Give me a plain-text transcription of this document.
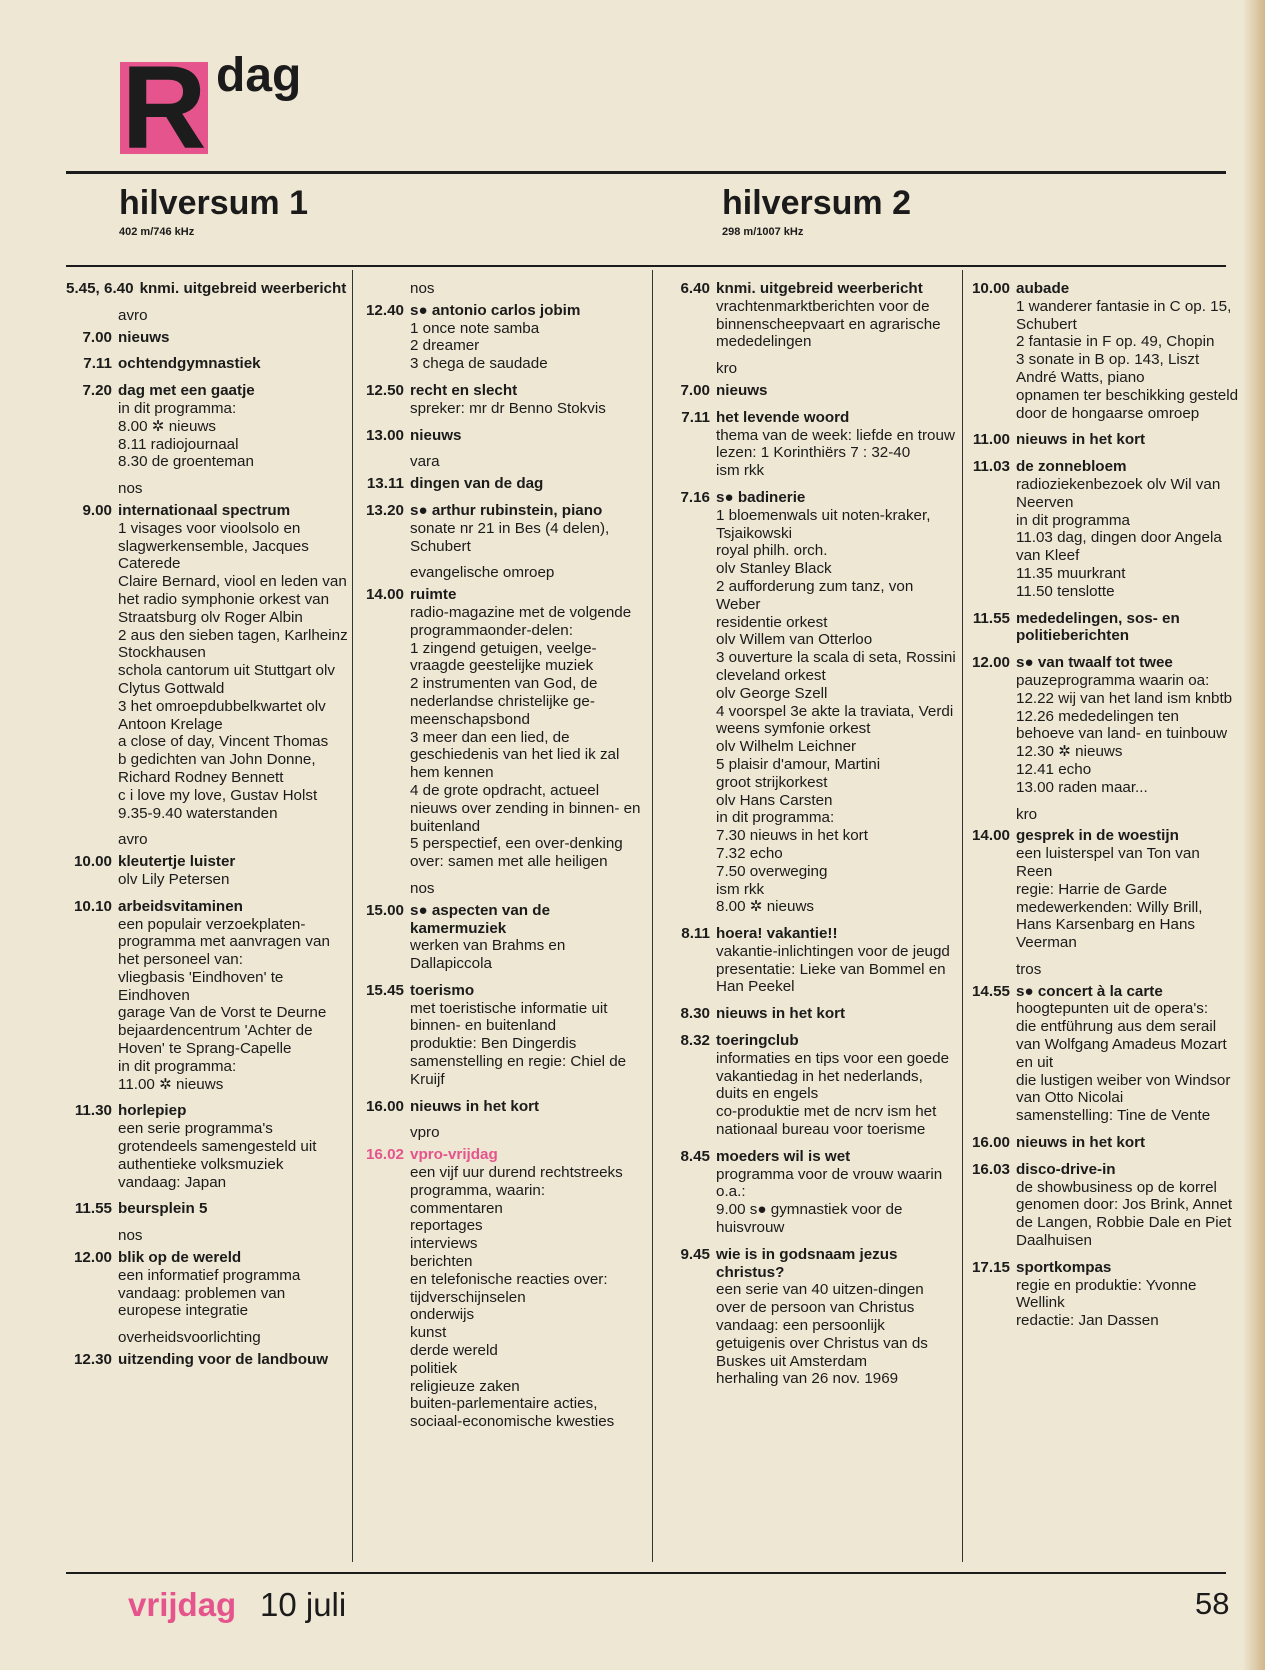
R dag
hilversum 1
402 m/746 kHz
hilversum 2
298 m/1007 kHz
5.45, 6.40 knmi. uitgebreid weerbericht
avro
7.00 nieuws
7.11 ochtendgymnastiek
7.20 dag met een gaatje
in dit programma:
8.00 ✲ nieuws
8.11 radiojournaal
8.30 de groenteman
nos
9.00 internationaal spectrum
1 visages voor vioolsolo en slagwerkensemble, Jacques Caterede
Claire Bernard, viool en leden van het radio symphonie orkest van Straatsburg olv Roger Albin
2 aus den sieben tagen, Karlheinz Stockhausen
schola cantorum uit Stuttgart olv Clytus Gottwald
3 het omroepdubbelkwartet olv Antoon Krelage
a close of day, Vincent Thomas
b gedichten van John Donne, Richard Rodney Bennett
c i love my love, Gustav Holst
9.35-9.40 waterstanden
avro
10.00 kleutertje luister
olv Lily Petersen
10.10 arbeidsvitaminen
een populair verzoekplaten-programma met aanvragen van het personeel van:
vliegbasis 'Eindhoven' te Eindhoven
garage Van de Vorst te Deurne
bejaardencentrum 'Achter de Hoven' te Sprang-Capelle
in dit programma:
11.00 ✲ nieuws
11.30 horlepiep
een serie programma's grotendeels samengesteld uit authentieke volksmuziek
vandaag: Japan
11.55 beursplein 5
nos
12.00 blik op de wereld
een informatief programma
vandaag: problemen van europese integratie
overheidsvoorlichting
12.30 uitzending voor de landbouw
nos
12.40 s● antonio carlos jobim
1 once note samba
2 dreamer
3 chega de saudade
12.50 recht en slecht
spreker: mr dr Benno Stokvis
13.00 nieuws
vara
13.11 dingen van de dag
13.20 s● arthur rubinstein, piano
sonate nr 21 in Bes (4 delen), Schubert
evangelische omroep
14.00 ruimte
radio-magazine met de volgende programmaonder-delen:
1 zingend getuigen, veelge-vraagde geestelijke muziek
2 instrumenten van God, de nederlandse christelijke ge-meenschapsbond
3 meer dan een lied, de geschiedenis van het lied ik zal hem kennen
4 de grote opdracht, actueel nieuws over zending in binnen- en buitenland
5 perspectief, een over-denking over: samen met alle heiligen
nos
15.00 s● aspecten van de kamermuziek
werken van Brahms en Dallapiccola
15.45 toerismo
met toeristische informatie uit binnen- en buitenland
produktie: Ben Dingerdis
samenstelling en regie: Chiel de Kruijf
16.00 nieuws in het kort
vpro
16.02 vpro-vrijdag
een vijf uur durend rechtstreeks programma, waarin:
commentaren
reportages
interviews
berichten
en telefonische reacties over:
tijdverschijnselen
onderwijs
kunst
derde wereld
politiek
religieuze zaken
buiten-parlementaire acties, sociaal-economische kwesties
6.40 knmi. uitgebreid weerbericht
vrachtenmarktberichten voor de binnenscheepvaart en agrarische mededelingen
kro
7.00 nieuws
7.11 het levende woord
thema van de week: liefde en trouw
lezen: 1 Korinthiërs 7 : 32-40
ism rkk
7.16 s● badinerie
1 bloemenwals uit noten-kraker, Tsjaikowski
royal philh. orch.
olv Stanley Black
2 aufforderung zum tanz, von Weber
residentie orkest
olv Willem van Otterloo
3 ouverture la scala di seta, Rossini
cleveland orkest
olv George Szell
4 voorspel 3e akte la traviata, Verdi
weens symfonie orkest
olv Wilhelm Leichner
5 plaisir d'amour, Martini
groot strijkorkest
olv Hans Carsten
in dit programma:
7.30 nieuws in het kort
7.32 echo
7.50 overweging
ism rkk
8.00 ✲ nieuws
8.11 hoera! vakantie!!
vakantie-inlichtingen voor de jeugd
presentatie: Lieke van Bommel en Han Peekel
8.30 nieuws in het kort
8.32 toeringclub
informaties en tips voor een goede vakantiedag in het nederlands, duits en engels
co-produktie met de ncrv ism het nationaal bureau voor toerisme
8.45 moeders wil is wet
programma voor de vrouw waarin o.a.:
9.00 s● gymnastiek voor de huisvrouw
9.45 wie is in godsnaam jezus christus?
een serie van 40 uitzen-dingen over de persoon van Christus
vandaag: een persoonlijk getuigenis over Christus van ds Buskes uit Amsterdam
herhaling van 26 nov. 1969
10.00 aubade
1 wanderer fantasie in C op. 15, Schubert
2 fantasie in F op. 49, Chopin
3 sonate in B op. 143, Liszt
André Watts, piano
opnamen ter beschikking gesteld door de hongaarse omroep
11.00 nieuws in het kort
11.03 de zonnebloem
radioziekenbezoek olv Wil van Neerven
in dit programma
11.03 dag, dingen door Angela van Kleef
11.35 muurkrant
11.50 tenslotte
11.55 mededelingen, sos- en politieberichten
12.00 s● van twaalf tot twee
pauzeprogramma waarin oa:
12.22 wij van het land ism knbtb
12.26 mededelingen ten behoeve van land- en tuinbouw
12.30 ✲ nieuws
12.41 echo
13.00 raden maar...
kro
14.00 gesprek in de woestijn
een luisterspel van Ton van Reen
regie: Harrie de Garde
medewerkenden: Willy Brill, Hans Karsenbarg en Hans Veerman
tros
14.55 s● concert à la carte
hoogtepunten uit de opera's:
die entführung aus dem serail van Wolfgang Amadeus Mozart en uit
die lustigen weiber von Windsor van Otto Nicolai
samenstelling: Tine de Vente
16.00 nieuws in het kort
16.03 disco-drive-in
de showbusiness op de korrel genomen door: Jos Brink, Annet de Langen, Robbie Dale en Piet Daalhuisen
17.15 sportkompas
regie en produktie: Yvonne Wellink
redactie: Jan Dassen
vrijdag 10 juli	58
